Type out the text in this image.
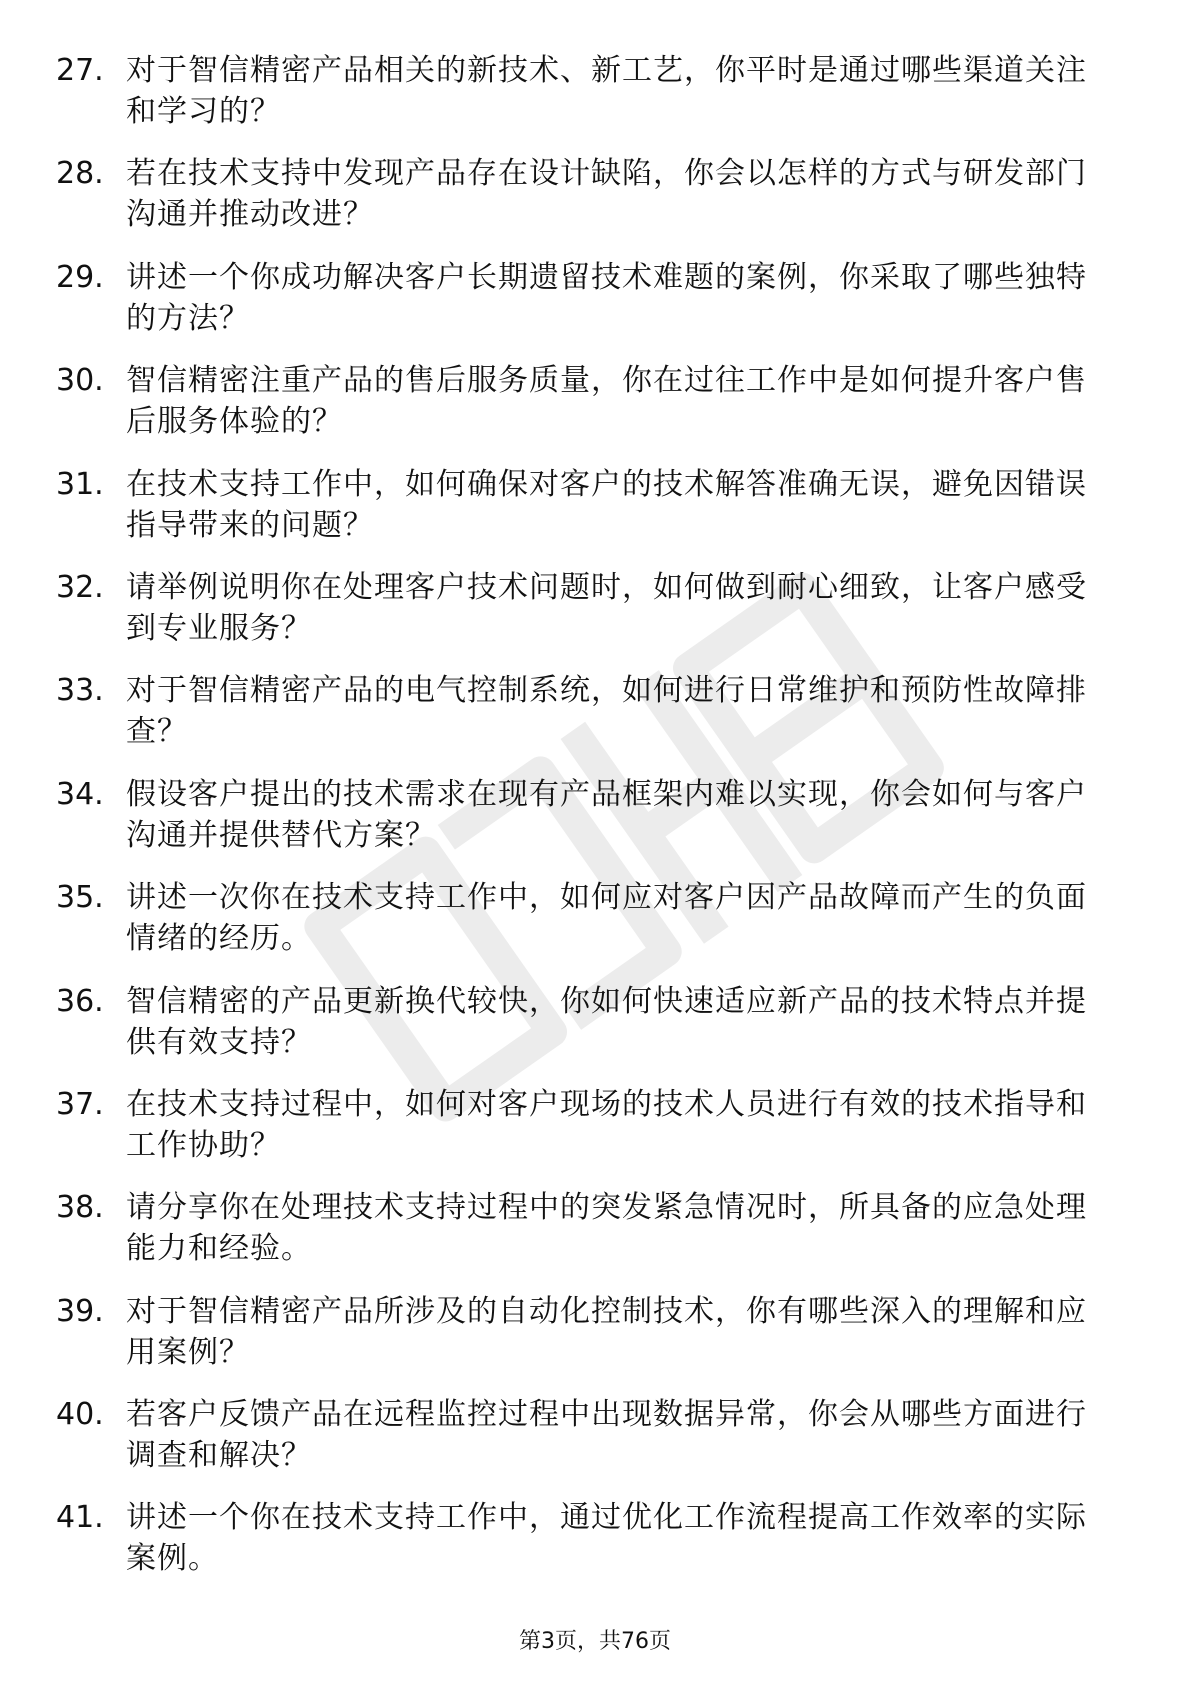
27. 对于智信精密产品相关的新技术、新工艺，你平时是通过哪些渠道关注和学习的？
28. 若在技术支持中发现产品存在设计缺陷，你会以怎样的方式与研发部门沟通并推动改进？
29. 讲述一个你成功解决客户长期遗留技术难题的案例，你采取了哪些独特的方法？
30. 智信精密注重产品的售后服务质量，你在过往工作中是如何提升客户售后服务体验的？
31. 在技术支持工作中，如何确保对客户的技术解答准确无误，避免因错误指导带来的问题？
32. 请举例说明你在处理客户技术问题时，如何做到耐心细致，让客户感受到专业服务？
33. 对于智信精密产品的电气控制系统，如何进行日常维护和预防性故障排查？
34. 假设客户提出的技术需求在现有产品框架内难以实现，你会如何与客户沟通并提供替代方案？
35. 讲述一次你在技术支持工作中，如何应对客户因产品故障而产生的负面情绪的经历。
36. 智信精密的产品更新换代较快，你如何快速适应新产品的技术特点并提供有效支持？
37. 在技术支持过程中，如何对客户现场的技术人员进行有效的技术指导和工作协助？
38. 请分享你在处理技术支持过程中的突发紧急情况时，所具备的应急处理能力和经验。
39. 对于智信精密产品所涉及的自动化控制技术，你有哪些深入的理解和应用案例？
40. 若客户反馈产品在远程监控过程中出现数据异常，你会从哪些方面进行调查和解决？
41. 讲述一个你在技术支持工作中，通过优化工作流程提高工作效率的实际案例。
第3页，共76页
